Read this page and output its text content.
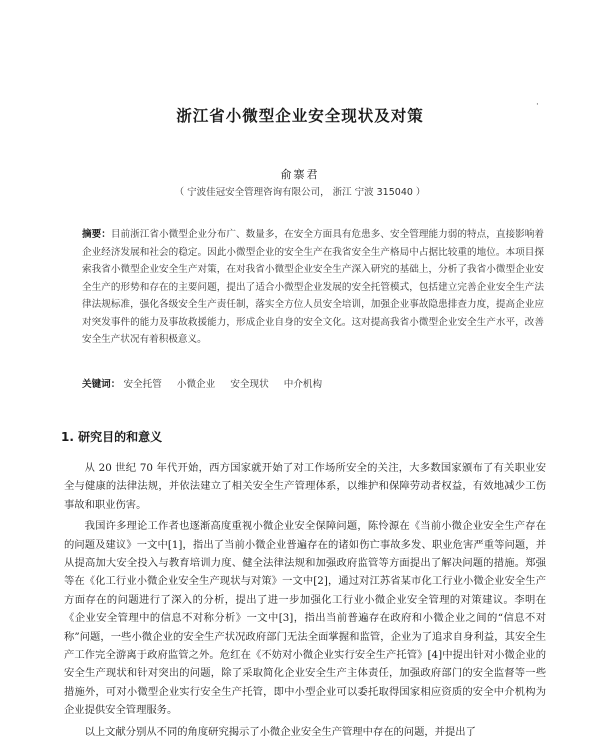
浙江省小微型企业安全现状及对策
·
俞寨君
（ 宁波佳冠安全管理咨询有限公司， 浙江 宁波 315040 ）

摘要：目前浙江省小微型企业分布广、数量多，在安全方面具有危患多、安全管理能力弱的特点，直接影响着企业经济发展和社会的稳定。因此小微型企业的安全生产在我省安全生产格局中占据比较重的地位。本项目探索我省小微型企业安全生产对策，在对我省小微型企业安全生产深入研究的基础上，分析了我省小微型企业安全生产的形势和存在的主要问题，提出了适合小微型企业发展的安全托管模式，包括建立完善企业安全生产法律法规标准，强化各级安全生产责任制，落实全方位人员安全培训，加强企业事故隐患排查力度，提高企业应对突发事件的能力及事故救援能力，形成企业自身的安全文化。这对提高我省小微型企业安全生产水平，改善安全生产状况有着积极意义。

关键词： 安全托管 小微企业 安全现状 中介机构

1. 研究目的和意义

从 20 世纪 70 年代开始，西方国家就开始了对工作场所安全的关注，大多数国家颁布了有关职业安全与健康的法律法规，并依法建立了相关安全生产管理体系，以维护和保障劳动者权益，有效地减少工伤事故和职业伤害。

我国许多理论工作者也逐渐高度重视小微企业安全保障问题，陈怜源在《当前小微企业安全生产存在的问题及建议》一文中[1]，指出了当前小微企业普遍存在的诸如伤亡事故多发、职业危害严重等问题，并从提高加大安全投入与教育培训力度、健全法律法规和加强政府监管等方面提出了解决问题的措施。郑强等在《化工行业小微企业安全生产现状与对策》一文中[2]，通过对江苏省某市化工行业小微企业安全生产方面存在的问题进行了深入的分析，提出了进一步加强化工行业小微企业安全管理的对策建议。李明在《企业安全管理中的信息不对称分析》一文中[3]，指出当前普遍存在政府和小微企业之间的“信息不对称”问题，一些小微企业的安全生产状况政府部门无法全面掌握和监管，企业为了追求自身利益，其安全生产工作完全游离于政府监管之外。危红在《不妨对小微企业实行安全生产托管》[4]中提出针对小微企业的安全生产现状和针对突出的问题，除了采取简化企业安全生产主体责任，加强政府部门的安全监督等一些措施外，可对小微型企业实行安全生产托管，即中小型企业可以委托取得国家相应资质的安全中介机构为企业提供安全管理服务。

以上文献分别从不同的角度研究揭示了小微企业安全生产管理中存在的问题，并提出了
